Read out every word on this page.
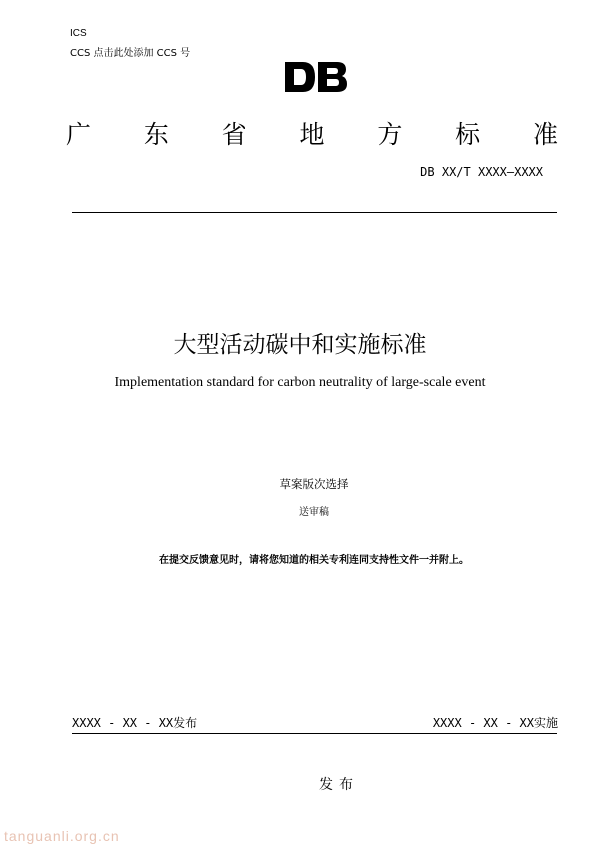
ICS
CCS 点击此处添加 CCS 号
广 东 省 地 方 标 准
DB XX/T XXXX—XXXX
大型活动碳中和实施标准
Implementation standard for carbon neutrality of large-scale event
草案版次选择
送审稿
在提交反馈意见时，请将您知道的相关专利连同支持性文件一并附上。
XXXX - XX - XX发布	XXXX - XX - XX实施
发布
tanguanli.org.cn
